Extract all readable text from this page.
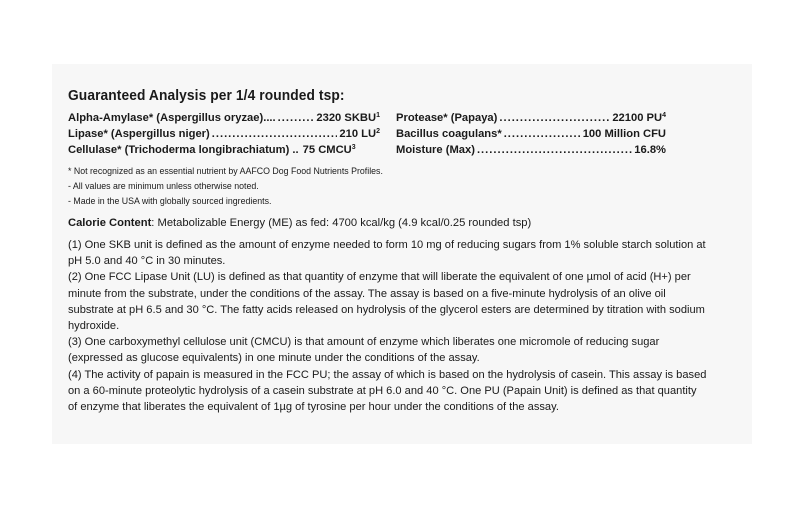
Guaranteed Analysis per 1/4 rounded tsp:
Alpha-Amylase* (Aspergillus oryzae).... .....	2320 SKBU$^1$
Lipase* (Aspergillus niger) .....	210 $LU^2$
Cellulase* (Trichoderma longibrachiatum) .. 75 CMCU$^3$
Protease* (Papaya) .....	22100 $PU^4$
Bacillus coagulans* .....	100 Million CFU
Moisture (Max) .....	16.8%
* Not recognized as an essential nutrient by AAFCO Dog Food Nutrients Profiles.
- All values are minimum unless otherwise noted.
- Made in the USA with globally sourced ingredients.
Calorie Content: Metabolizable Energy (ME) as fed: 4700 kcal/kg (4.9 kcal/0.25 rounded tsp)

(1) One SKB unit is defined as the amount of enzyme needed to form 10 mg of reducing sugars from 1% soluble starch solution at pH 5.0 and 40 °C in 30 minutes.

(2) One FCC Lipase Unit (LU) is defined as that quantity of enzyme that will liberate the equivalent of one µmol of acid (H+) per minute from the substrate, under the conditions of the assay. The assay is based on a five-minute hydrolysis of an olive oil substrate at pH 6.5 and 30 °C. The fatty acids released on hydrolysis of the glycerol esters are determined by titration with sodium hydroxide.

(3) One carboxymethyl cellulose unit (CMCU) is that amount of enzyme which liberates one micromole of reducing sugar (expressed as glucose equivalents) in one minute under the conditions of the assay.

(4) The activity of papain is measured in the FCC PU; the assay of which is based on the hydrolysis of casein. This assay is based on a 60-minute proteolytic hydrolysis of a casein substrate at pH 6.0 and 40 °C. One PU (Papain Unit) is defined as that quantity of enzyme that liberates the equivalent of 1µg of tyrosine per hour under the conditions of the assay.
